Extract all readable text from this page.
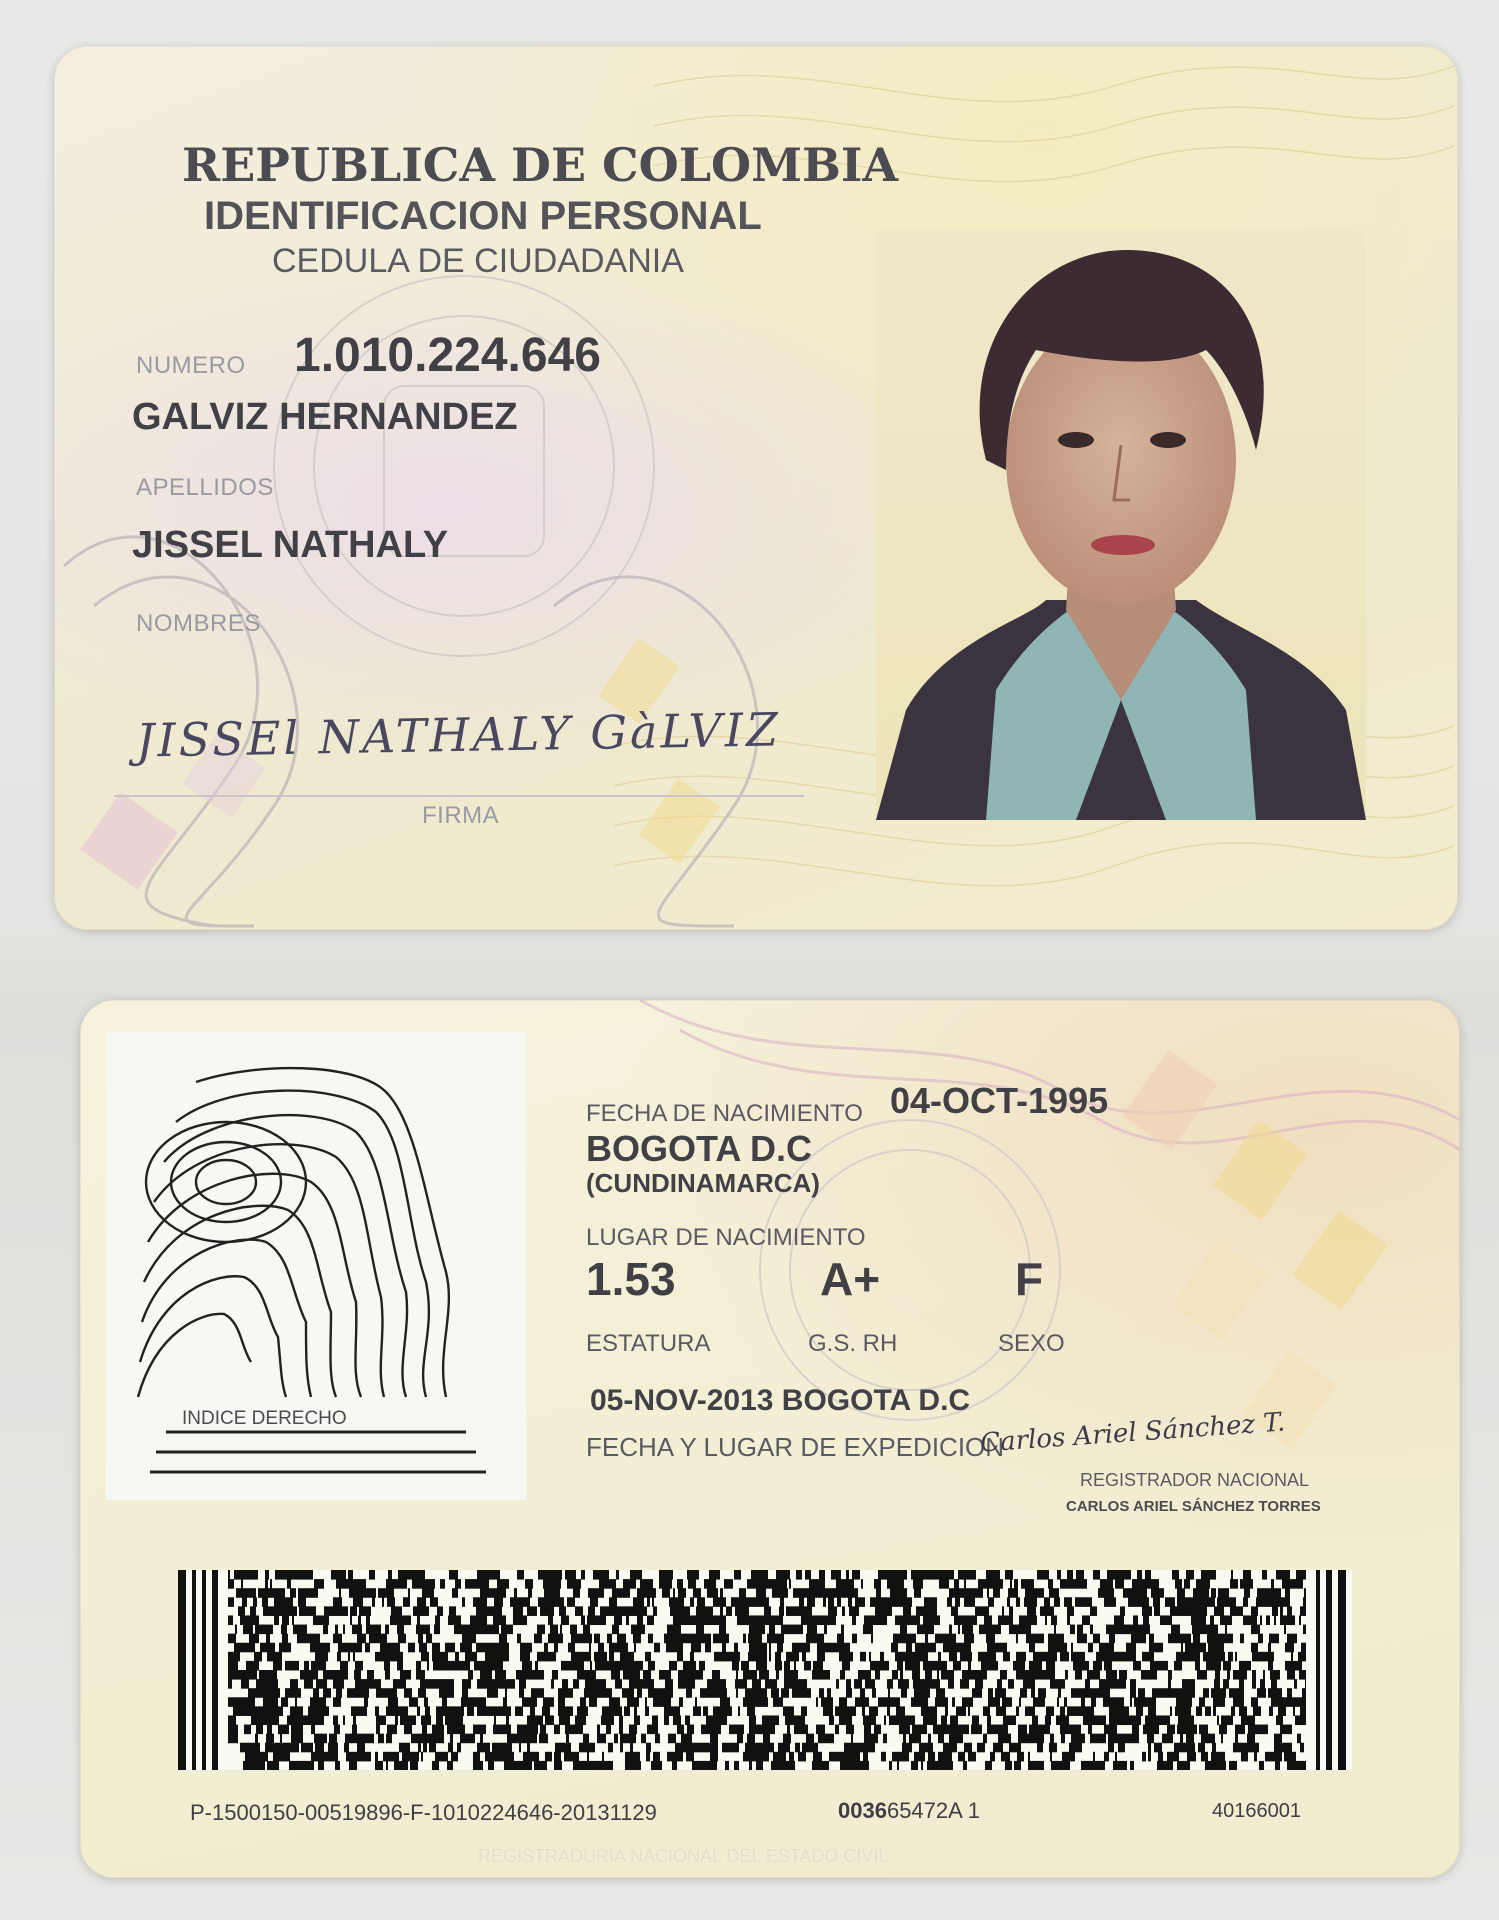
REPUBLICA DE COLOMBIA

IDENTIFICACION PERSONAL

CEDULA DE CIUDADANIA

NUMERO 1.010.224.646

GALVIZ HERNANDEZ

APELLIDOS

JISSEL NATHALY

NOMBRES

JISSEl NATHALY GàLVIZ

FIRMA

INDICE DERECHO

FECHA DE NACIMIENTO 04-OCT-1995

BOGOTA D.C

(CUNDINAMARCA)

LUGAR DE NACIMIENTO

1.53	A+	F

ESTATURA	G.S. RH	SEXO

05-NOV-2013 BOGOTA D.C

FECHA Y LUGAR DE EXPEDICION

Carlos Ariel Sánchez T.

REGISTRADOR NACIONAL

CARLOS ARIEL SÁNCHEZ TORRES

P-1500150-00519896-F-1010224646-20131129	003665472A 1	40166001

REGISTRADURIA NACIONAL DEL ESTADO CIVIL
